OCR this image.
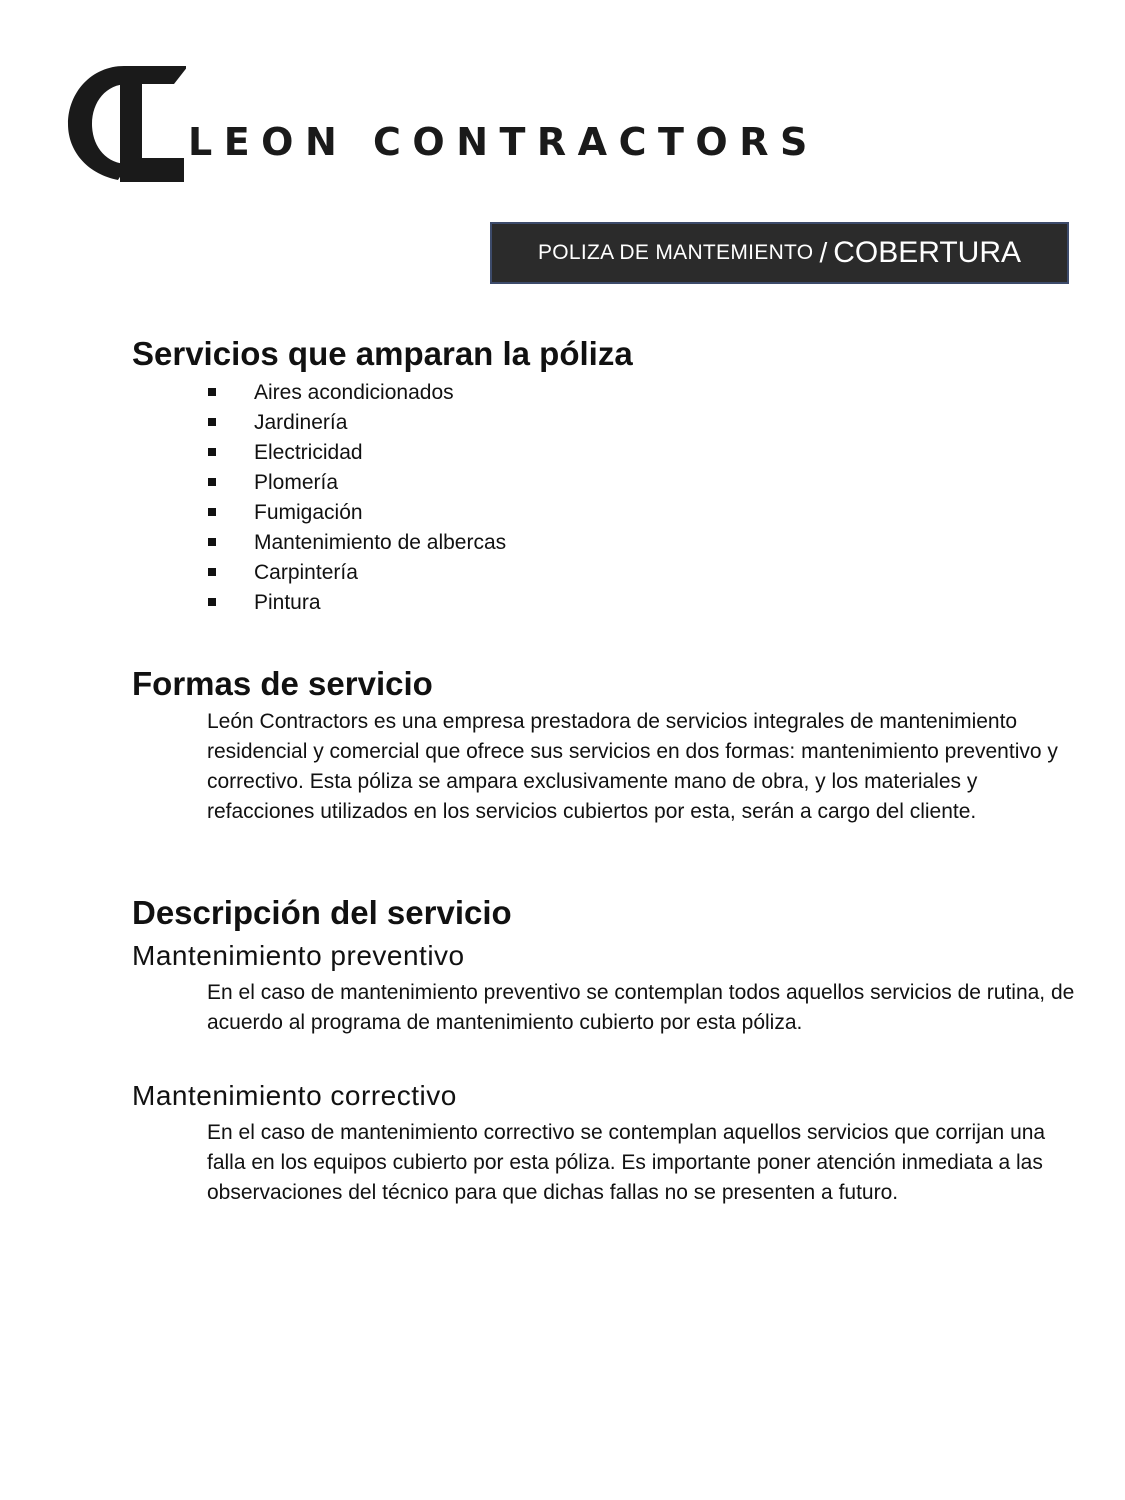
LEON CONTRACTORS
POLIZA DE MANTEMIENTO / COBERTURA
Servicios que amparan la póliza
Aires acondicionados
Jardinería
Electricidad
Plomería
Fumigación
Mantenimiento de albercas
Carpintería
Pintura
Formas de servicio

León Contractors es una empresa prestadora de servicios integrales de mantenimiento residencial y comercial que ofrece sus servicios en dos formas: mantenimiento preventivo y correctivo. Esta póliza se ampara exclusivamente mano de obra, y los materiales y refacciones utilizados en los servicios cubiertos por esta, serán a cargo del cliente.

Descripción del servicio
Mantenimiento preventivo

En el caso de mantenimiento preventivo se contemplan todos aquellos servicios de rutina, de acuerdo al programa de mantenimiento cubierto por esta póliza.

Mantenimiento correctivo

En el caso de mantenimiento correctivo se contemplan aquellos servicios que corrijan una falla en los equipos cubierto por esta póliza. Es importante poner atención inmediata a las observaciones del técnico para que dichas fallas no se presenten a futuro.
